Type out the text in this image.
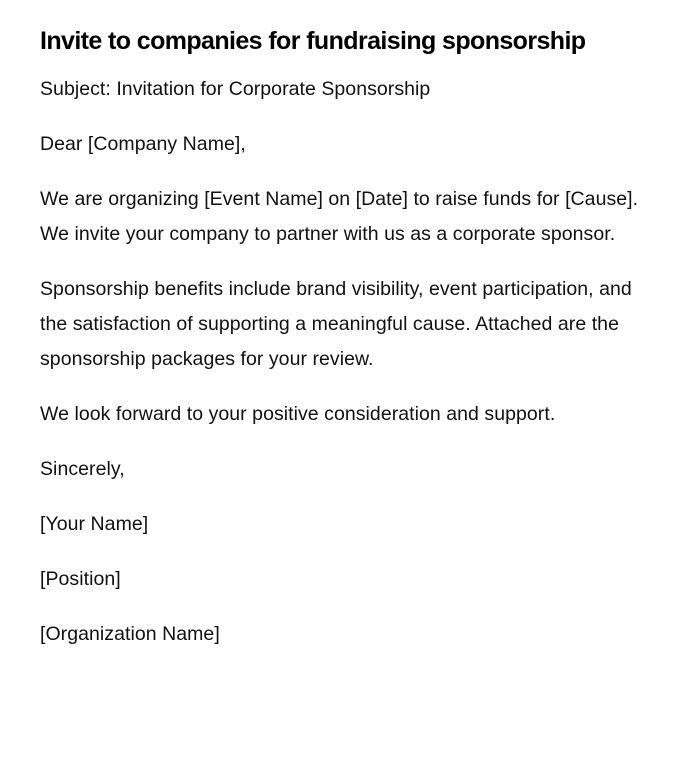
Invite to companies for fundraising sponsorship

Subject: Invitation for Corporate Sponsorship

Dear [Company Name],

We are organizing [Event Name] on [Date] to raise funds for [Cause]. We invite your company to partner with us as a corporate sponsor.

Sponsorship benefits include brand visibility, event participation, and the satisfaction of supporting a meaningful cause. Attached are the sponsorship packages for your review.

We look forward to your positive consideration and support.

Sincerely,

[Your Name]

[Position]

[Organization Name]
